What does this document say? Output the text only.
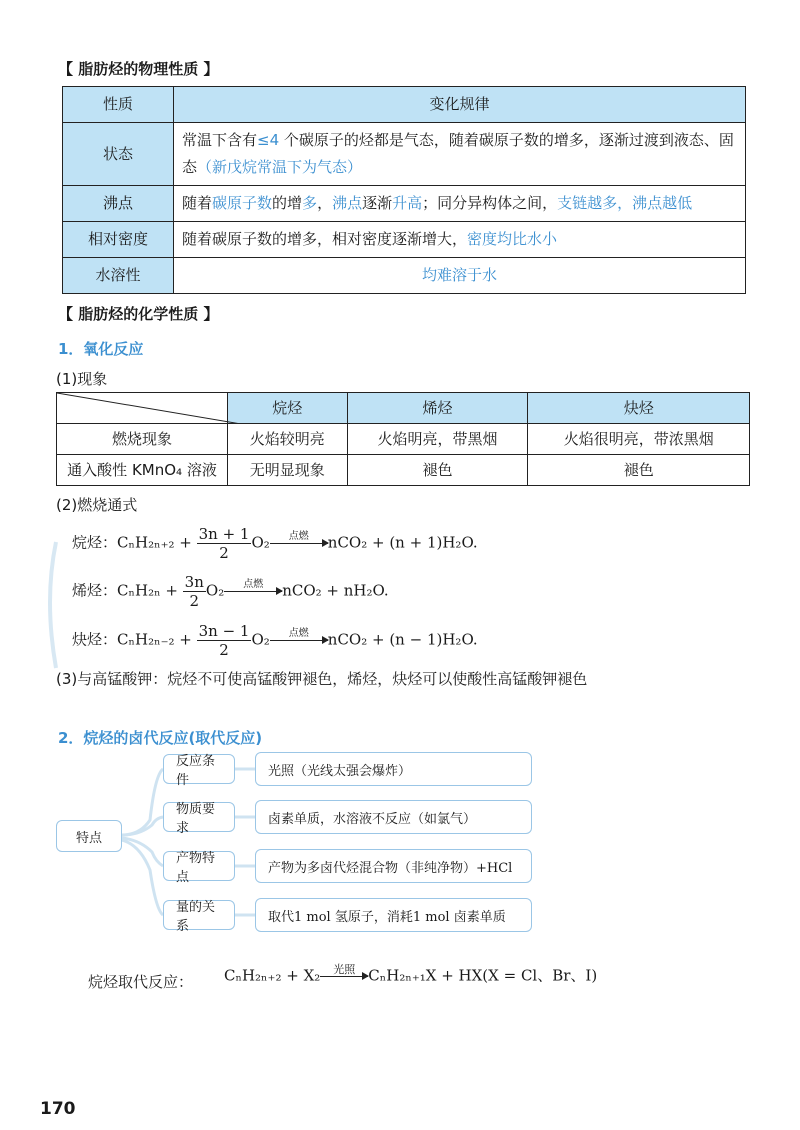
【 脂肪烃的物理性质 】
性质	变化规律
状态	常温下含有≤4 个碳原子的烃都是气态，随着碳原子数的增多，逐渐过渡到液态、固态（新戊烷常温下为气态）
沸点	随着碳原子数的增多，沸点逐渐升高；同分异构体之间，支链越多，沸点越低
相对密度	随着碳原子数的增多，相对密度逐渐增大，密度均比水小
水溶性	均难溶于水
【 脂肪烃的化学性质 】
1．氧化反应
(1)现象
	烷烃	烯烃	炔烃
燃烧现象	火焰较明亮	火焰明亮，带黑烟	火焰很明亮，带浓黑烟
通入酸性 KMnO₄ 溶液	无明显现象	褪色	褪色
(2)燃烧通式
烷烃：$C_nH_{2n+2} + \frac{3n + 1}{2} O_2$	点燃
	nCO₂ + (n + 1)H₂O.
烯烃：$C_nH_{2n} + \frac{3n}{2} O_2$	点燃
	nCO₂ + nH₂O.
炔烃：$C_nH_{2n-2} + \frac{3n - 1}{2} O_2$	点燃
	nCO₂ + (n − 1)H₂O.
(3)与高锰酸钾：烷烃不可使高锰酸钾褪色，烯烃，炔烃可以使酸性高锰酸钾褪色
2．烷烃的卤代反应(取代反应)
特点
反应条件
光照（光线太强会爆炸）
物质要求
卤素单质，水溶液不反应（如氯气）
产物特点
产物为多卤代烃混合物（非纯净物）+HCl
量的关系
取代1 mol 氢原子，消耗1 mol 卤素单质
烷烃取代反应： CₙH₂ₙ₊₂ + X₂	光照
CₙH₂ₙ₊₁X + HX(X = Cl、Br、I)
170
